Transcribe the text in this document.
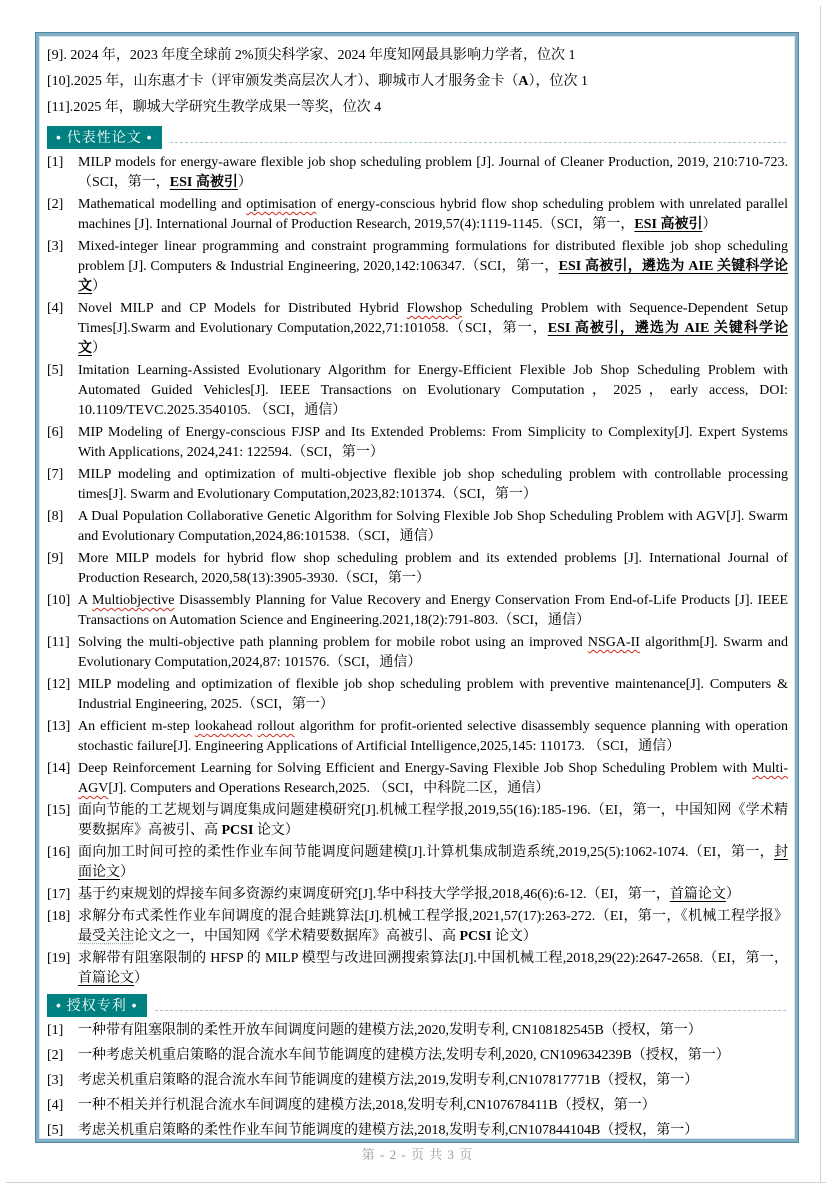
[9]. 2024 年，2023 年度全球前 2%顶尖科学家、2024 年度知网最具影响力学者，位次 1
[10].2025 年，山东惠才卡（评审颁发类高层次人才）、聊城市人才服务金卡（A），位次 1
[11].2025 年，聊城大学研究生教学成果一等奖，位次 4
• 代表性论文 •
[1]	MILP models for energy-aware flexible job shop scheduling problem [J]. Journal of Cleaner Production, 2019, 210:710-723.（SCI，第一，ESI 高被引）
[2]	Mathematical modelling and optimisation of energy-conscious hybrid flow shop scheduling problem with unrelated parallel machines [J]. International Journal of Production Research, 2019,57(4):1119-1145.（SCI，第一，ESI 高被引）
[3]	Mixed-integer linear programming and constraint programming formulations for distributed flexible job shop scheduling problem [J]. Computers & Industrial Engineering, 2020,142:106347.（SCI，第一，ESI 高被引，遴选为 AIE 关键科学论文）
[4]	Novel MILP and CP Models for Distributed Hybrid Flowshop Scheduling Problem with Sequence-Dependent Setup Times[J].Swarm and Evolutionary Computation,2022,71:101058.（SCI，第一，ESI 高被引，遴选为 AIE 关键科学论文）
[5]	Imitation Learning-Assisted Evolutionary Algorithm for Energy-Efficient Flexible Job Shop Scheduling Problem with Automated Guided Vehicles[J]. IEEE Transactions on Evolutionary Computation，2025，early access, DOI: 10.1109/TEVC.2025.3540105. （SCI，通信）
[6]	MIP Modeling of Energy-conscious FJSP and Its Extended Problems: From Simplicity to Complexity[J]. Expert Systems With Applications, 2024,241: 122594.（SCI，第一）
[7]	MILP modeling and optimization of multi-objective flexible job shop scheduling problem with controllable processing times[J]. Swarm and Evolutionary Computation,2023,82:101374.（SCI，第一）
[8]	A Dual Population Collaborative Genetic Algorithm for Solving Flexible Job Shop Scheduling Problem with AGV[J]. Swarm and Evolutionary Computation,2024,86:101538.（SCI，通信）
[9]	More MILP models for hybrid flow shop scheduling problem and its extended problems [J]. International Journal of Production Research, 2020,58(13):3905-3930.（SCI，第一）
[10] A Multiobjective Disassembly Planning for Value Recovery and Energy Conservation From End-of-Life Products [J]. IEEE Transactions on Automation Science and Engineering.2021,18(2):791-803.（SCI，通信）
[11] Solving the multi-objective path planning problem for mobile robot using an improved NSGA-II algorithm[J]. Swarm and Evolutionary Computation,2024,87: 101576.（SCI，通信）
[12] MILP modeling and optimization of flexible job shop scheduling problem with preventive maintenance[J]. Computers & Industrial Engineering, 2025.（SCI，第一）
[13] An efficient m-step lookahead rollout algorithm for profit-oriented selective disassembly sequence planning with operation stochastic failure[J]. Engineering Applications of Artificial Intelligence,2025,145: 110173. （SCI，通信）
[14] Deep Reinforcement Learning for Solving Efficient and Energy-Saving Flexible Job Shop Scheduling Problem with Multi-AGV[J]. Computers and Operations Research,2025. （SCI，中科院二区，通信）
[15] 面向节能的工艺规划与调度集成问题建模研究[J].机械工程学报,2019,55(16):185-196.（EI，第一，中国知网《学术精要数据库》高被引、高 PCSI 论文）
[16] 面向加工时间可控的柔性作业车间节能调度问题建模[J].计算机集成制造系统,2019,25(5):1062-1074.（EI，第一，封面论文）
[17] 基于约束规划的焊接车间多资源约束调度研究[J].华中科技大学学报,2018,46(6):6-12.（EI，第一，首篇论文）
[18] 求解分布式柔性作业车间调度的混合蛙跳算法[J].机械工程学报,2021,57(17):263-272.（EI，第一，《机械工程学报》最受关注论文之一，中国知网《学术精要数据库》高被引、高 PCSI 论文）
[19] 求解带有阻塞限制的 HFSP 的 MILP 模型与改进回溯搜索算法[J].中国机械工程,2018,29(22):2647-2658.（EI，第一，首篇论文）
• 授权专利 •
[1]	一种带有阻塞限制的柔性开放车间调度问题的建模方法,2020,发明专利, CN108182545B（授权，第一）
[2]	一种考虑关机重启策略的混合流水车间节能调度的建模方法,发明专利,2020, CN109634239B（授权，第一）
[3]	考虑关机重启策略的混合流水车间节能调度的建模方法,2019,发明专利,CN107817771B（授权，第一）
[4]	一种不相关并行机混合流水车间调度的建模方法,2018,发明专利,CN107678411B（授权，第一）
[5]	考虑关机重启策略的柔性作业车间节能调度的建模方法,2018,发明专利,CN107844104B（授权，第一）
第 - 2 - 页 共 3 页
